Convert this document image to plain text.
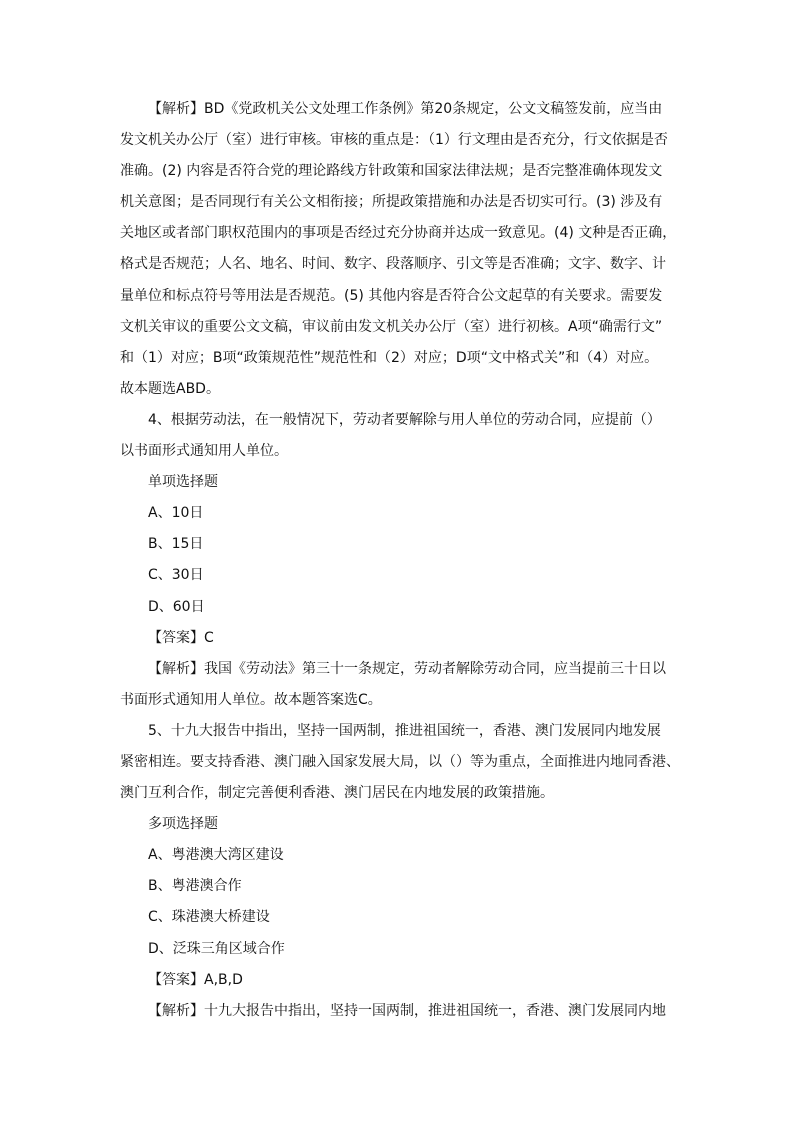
【解析】BD《党政机关公文处理工作条例》第20条规定，公文文稿签发前，应当由
发文机关办公厅（室）进行审核。审核的重点是：（1）行文理由是否充分，行文依据是否
准确。(2) 内容是否符合党的理论路线方针政策和国家法律法规；是否完整准确体现发文
机关意图；是否同现行有关公文相衔接；所提政策措施和办法是否切实可行。(3) 涉及有
关地区或者部门职权范围内的事项是否经过充分协商并达成一致意见。(4) 文种是否正确，
格式是否规范；人名、地名、时间、数字、段落顺序、引文等是否准确；文字、数字、计
量单位和标点符号等用法是否规范。(5) 其他内容是否符合公文起草的有关要求。需要发
文机关审议的重要公文文稿，审议前由发文机关办公厅（室）进行初核。A项“确需行文”
和（1）对应；B项“政策规范性”规范性和（2）对应；D项“文中格式关”和（4）对应。
故本题选ABD。
4、根据劳动法，在一般情况下，劳动者要解除与用人单位的劳动合同，应提前（）
以书面形式通知用人单位。
单项选择题
A、10日
B、15日
C、30日
D、60日
【答案】C
【解析】我国《劳动法》第三十一条规定，劳动者解除劳动合同，应当提前三十日以
书面形式通知用人单位。故本题答案选C。
5、十九大报告中指出，坚持一国两制，推进祖国统一，香港、澳门发展同内地发展
紧密相连。要支持香港、澳门融入国家发展大局，以（）等为重点，全面推进内地同香港、
澳门互利合作，制定完善便利香港、澳门居民在内地发展的政策措施。
多项选择题
A、粤港澳大湾区建设
B、粤港澳合作
C、珠港澳大桥建设
D、泛珠三角区域合作
【答案】A,B,D
【解析】十九大报告中指出，坚持一国两制，推进祖国统一，香港、澳门发展同内地
